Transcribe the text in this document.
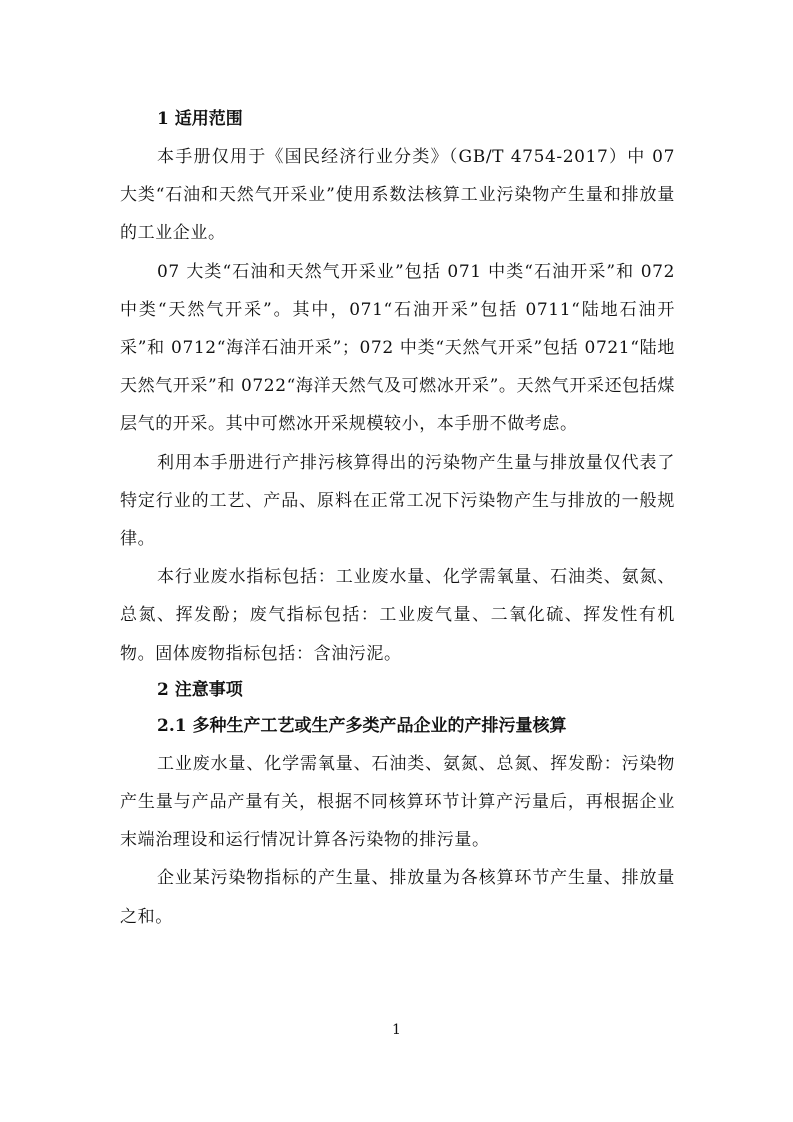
1 适用范围

本手册仅用于《国民经济行业分类》（GB/T 4754-2017）中 07 大类“石油和天然气开采业”使用系数法核算工业污染物产生量和排放量的工业企业。

07 大类“石油和天然气开采业”包括 071 中类“石油开采”和 072 中类“天然气开采”。其中，071“石油开采”包括 0711“陆地石油开采”和 0712“海洋石油开采”；072 中类“天然气开采”包括 0721“陆地天然气开采”和 0722“海洋天然气及可燃冰开采”。天然气开采还包括煤层气的开采。其中可燃冰开采规模较小，本手册不做考虑。

利用本手册进行产排污核算得出的污染物产生量与排放量仅代表了特定行业的工艺、产品、原料在正常工况下污染物产生与排放的一般规律。

本行业废水指标包括：工业废水量、化学需氧量、石油类、氨氮、总氮、挥发酚；废气指标包括：工业废气量、二氧化硫、挥发性有机物。固体废物指标包括：含油污泥。

2 注意事项

2.1 多种生产工艺或生产多类产品企业的产排污量核算

工业废水量、化学需氧量、石油类、氨氮、总氮、挥发酚：污染物产生量与产品产量有关，根据不同核算环节计算产污量后，再根据企业末端治理设和运行情况计算各污染物的排污量。

企业某污染物指标的产生量、排放量为各核算环节产生量、排放量之和。

1
